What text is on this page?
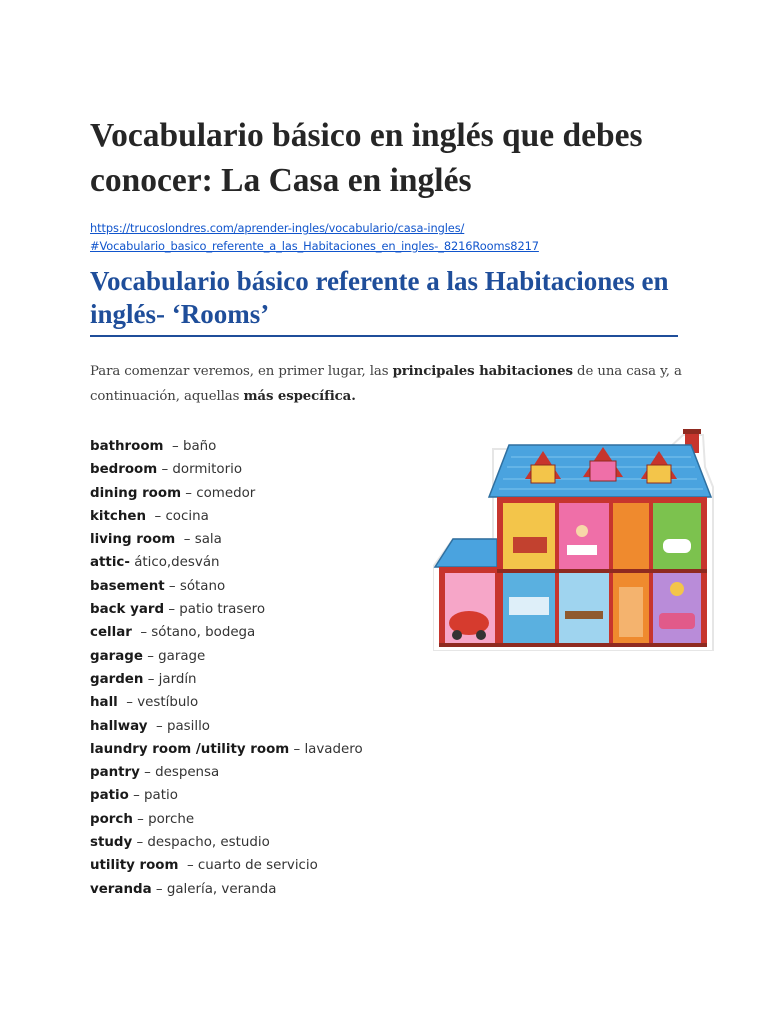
Vocabulario básico en inglés que debes conocer: La Casa en inglés
https://trucoslondres.com/aprender-ingles/vocabulario/casa-ingles/
#Vocabulario_basico_referente_a_las_Habitaciones_en_ingles-_8216Rooms8217
Vocabulario básico referente a las Habitaciones en
inglés- ‘Rooms’

Para comenzar veremos, en primer lugar, las principales habitaciones de una casa y, a continuación, aquellas más específica.

bathroom  – baño
bedroom – dormitorio
dining room – comedor
kitchen  – cocina
living room  – sala
attic- ático,desván
basement – sótano
back yard – patio trasero
cellar  – sótano, bodega
garage – garage
garden – jardín
hall  – vestíbulo
hallway  – pasillo
laundry room /utility room – lavadero
pantry – despensa
patio – patio
porch – porche
study – despacho, estudio
utility room  – cuarto de servicio
veranda – galería, veranda
